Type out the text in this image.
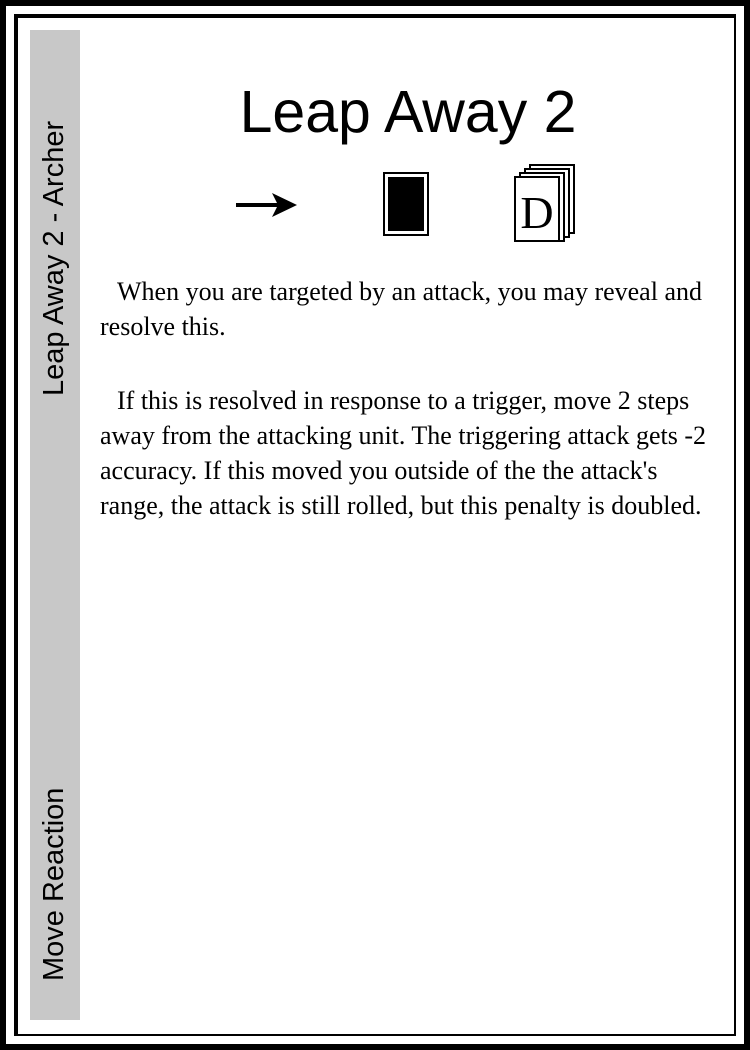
Leap Away 2 - Archer
Move Reaction
Leap Away 2
D

When you are targeted by an attack, you may reveal and resolve this.

If this is resolved in response to a trigger, move 2 steps away from the attacking unit. The triggering attack gets -2 accuracy. If this moved you outside of the the attack's range, the attack is still rolled, but this penalty is doubled.
